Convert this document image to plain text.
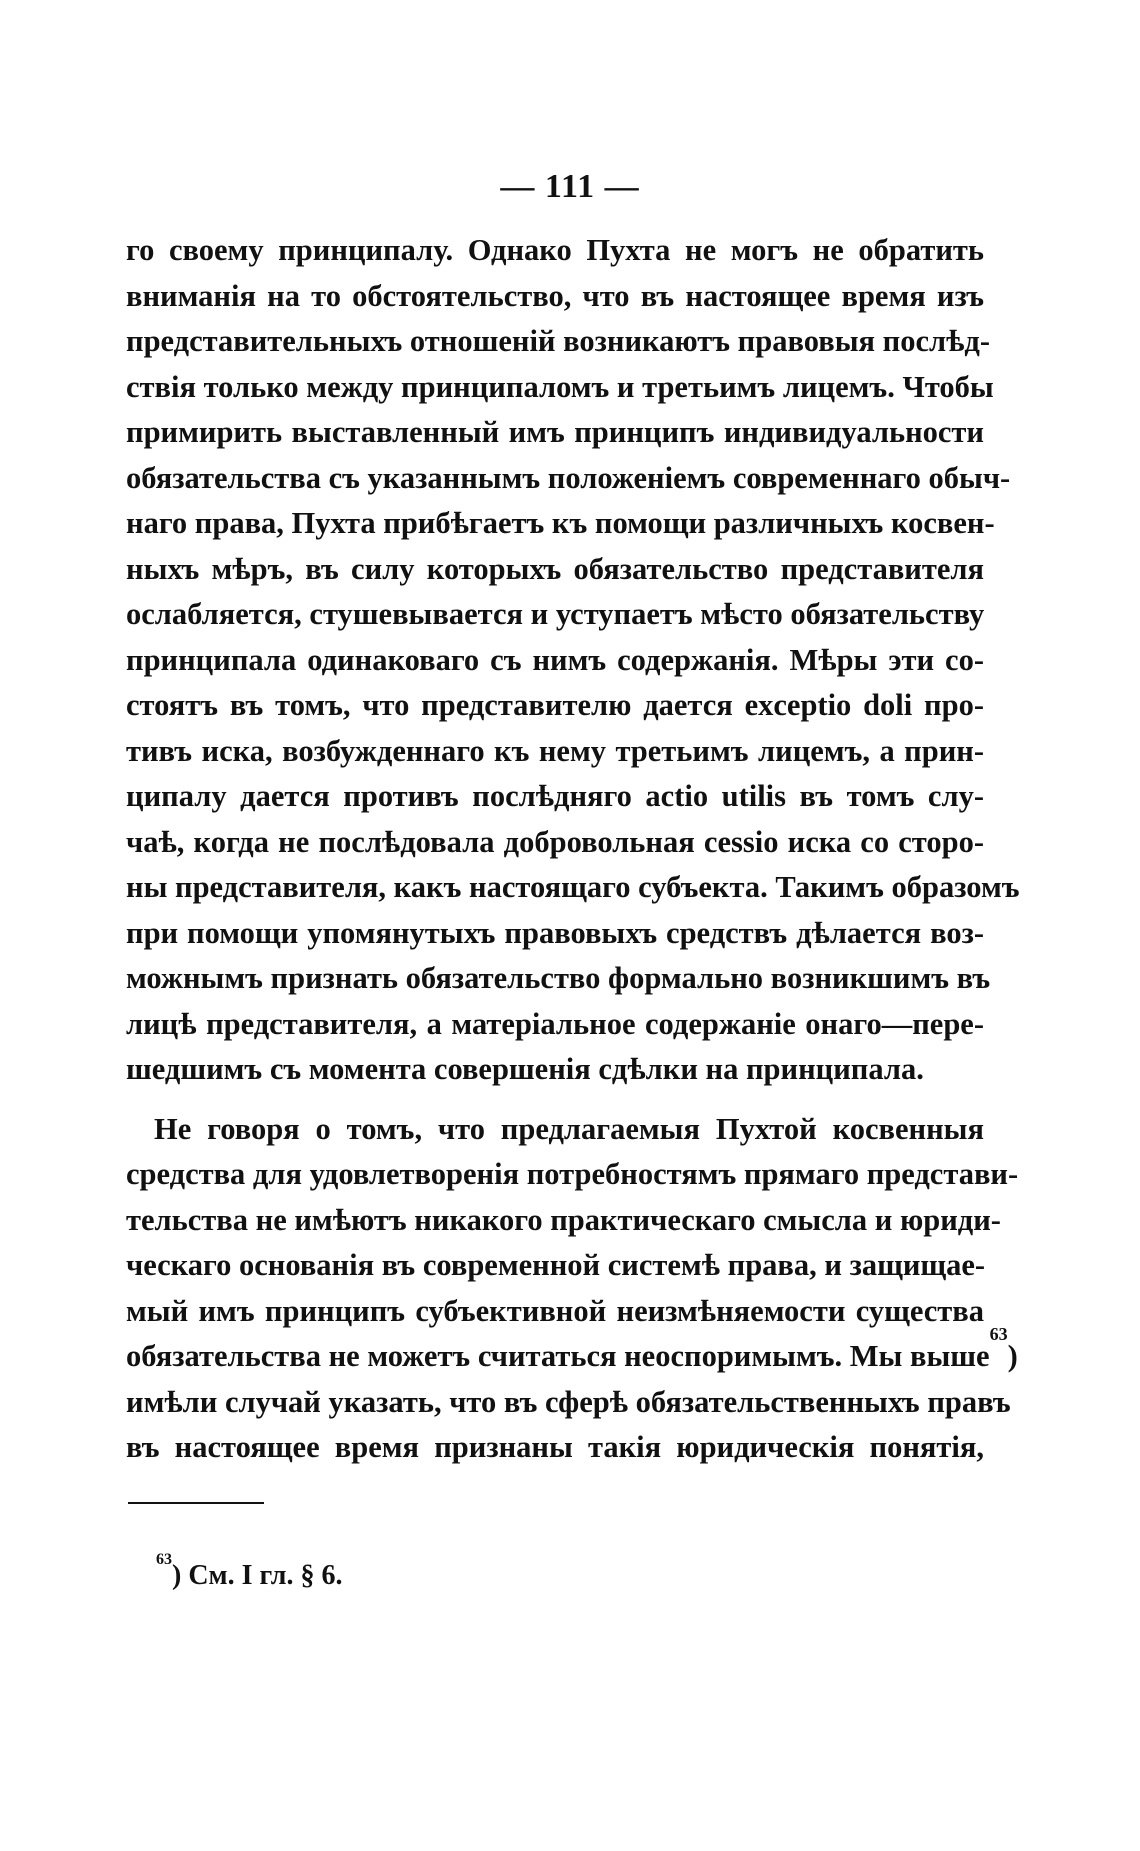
— 111 —
го своему принципалу. Однако Пухта не могъ не обратить
вниманія на то обстоятельство, что въ настоящее время изъ
представительныхъ отношеній возникаютъ правовыя послѣд-
ствія только между принципаломъ и третьимъ лицемъ. Чтобы
примирить выставленный имъ принципъ индивидуальности
обязательства съ указаннымъ положеніемъ современнаго обыч-
наго права, Пухта прибѣгаетъ къ помощи различныхъ косвен-
ныхъ мѣръ, въ силу которыхъ обязательство представителя
ослабляется, стушевывается и уступаетъ мѣсто обязательству
принципала одинаковаго съ нимъ содержанія. Мѣры эти со-
стоятъ въ томъ, что представителю дается exceptio doli про-
тивъ иска, возбужденнаго къ нему третьимъ лицемъ, а прин-
ципалу дается противъ послѣдняго actio utilis въ томъ слу-
чаѣ, когда не послѣдовала добровольная cessio иска со сторо-
ны представителя, какъ настоящаго субъекта. Такимъ образомъ
при помощи упомянутыхъ правовыхъ средствъ дѣлается воз-
можнымъ признать обязательство формально возникшимъ въ
лицѣ представителя, а матеріальное содержаніе онаго—пере-
шедшимъ съ момента совершенія сдѣлки на принципала.
Не говоря о томъ, что предлагаемыя Пухтой косвенныя
средства для удовлетворенія потребностямъ прямаго представи-
тельства не имѣютъ никакого практическаго смысла и юриди-
ческаго основанія въ современной системѣ права, и защищае-
мый имъ принципъ субъективной неизмѣняемости существа
обязательства не можетъ считаться неоспоримымъ. Мы выше$^{63}$)
имѣли случай указать, что въ сферѣ обязательственныхъ правъ
въ настоящее время признаны такія юридическія понятія,
$^{63}$) См. I гл. § 6.
